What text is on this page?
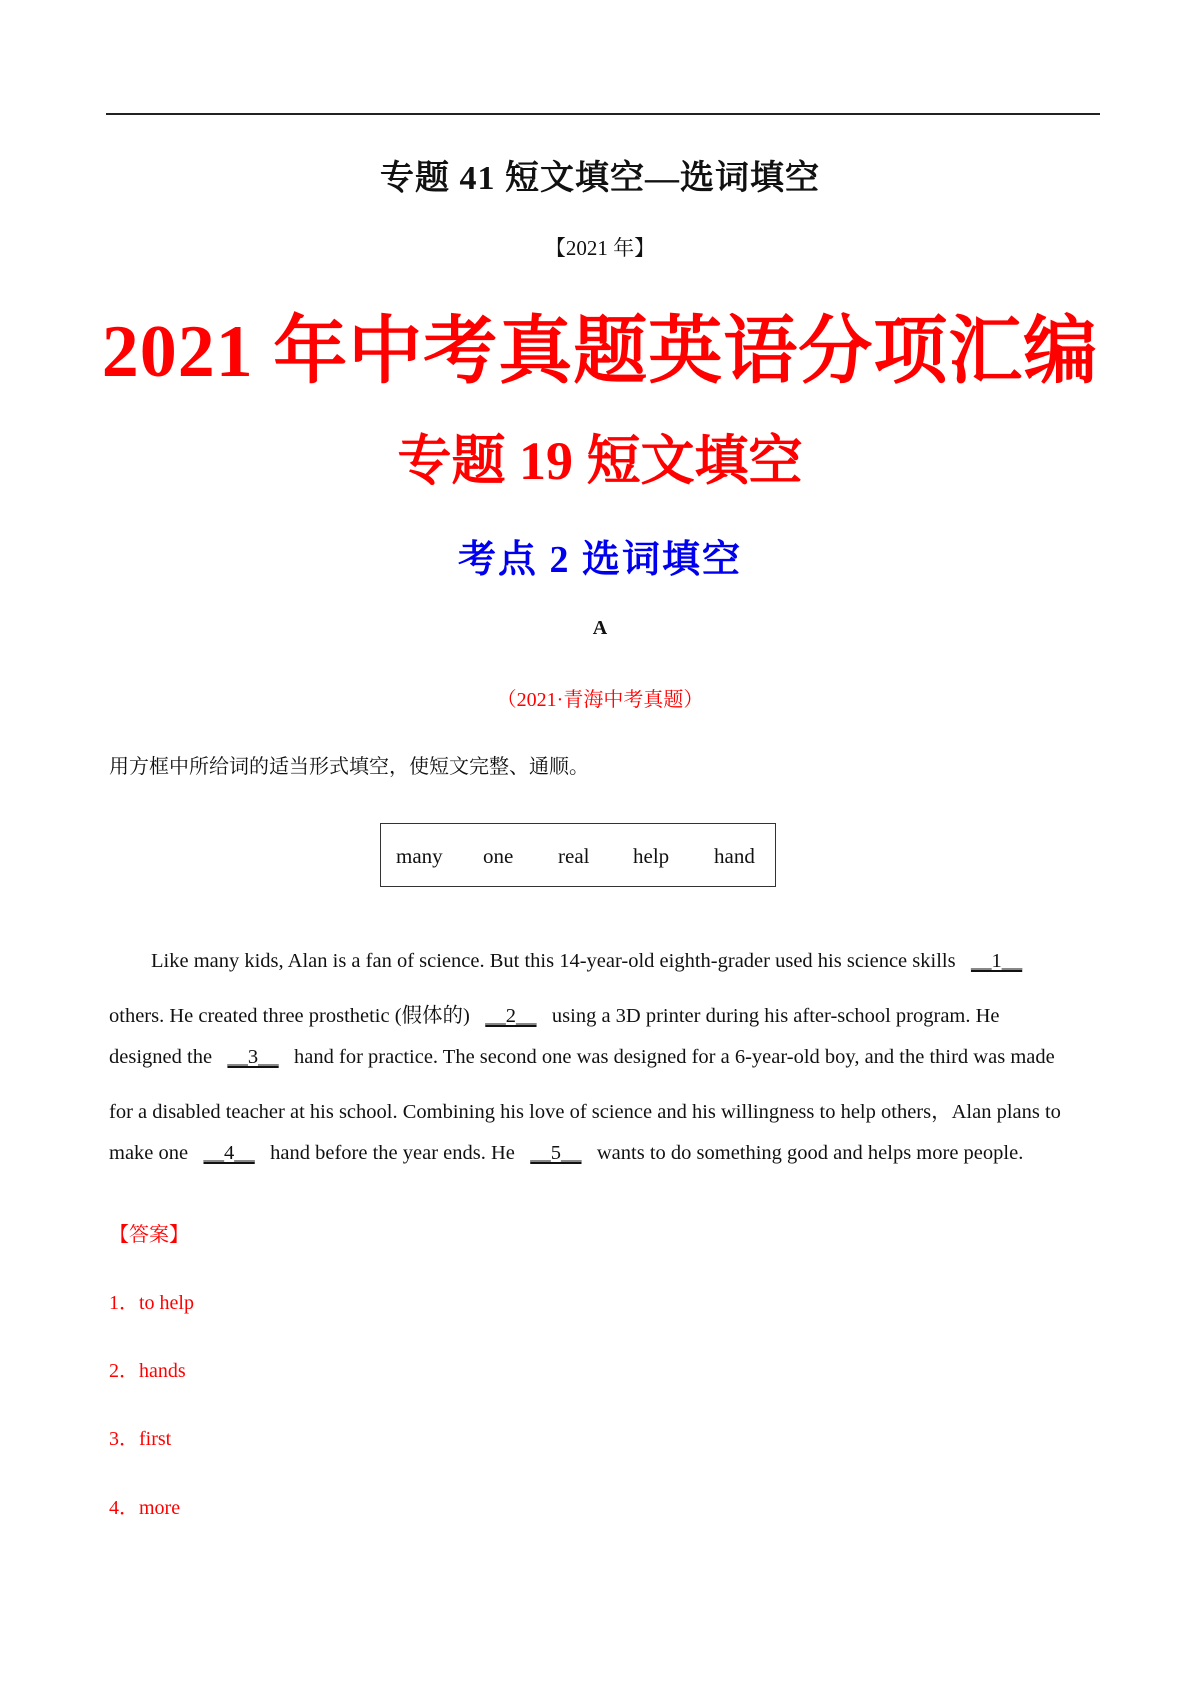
专题 41 短文填空—选词填空
【2021 年】
2021 年中考真题英语分项汇编
专题 19 短文填空
考点 2 选词填空
A
（2021·青海中考真题）
用方框中所给词的适当形式填空，使短文完整、通顺。
many one real help hand
Like many kids, Alan is a fan of science. But this 14-year-old eighth-grader used his science skills __1__
others. He created three prosthetic (假体的) __2__ using a 3D printer during his after-school program. He
designed the __3__ hand for practice. The second one was designed for a 6-year-old boy, and the third was made
for a disabled teacher at his school. Combining his love of science and his willingness to help others，Alan plans to
make one __4__ hand before the year ends. He __5__ wants to do something good and helps more people.
【答案】
1．to help
2．hands
3．first
4．more
